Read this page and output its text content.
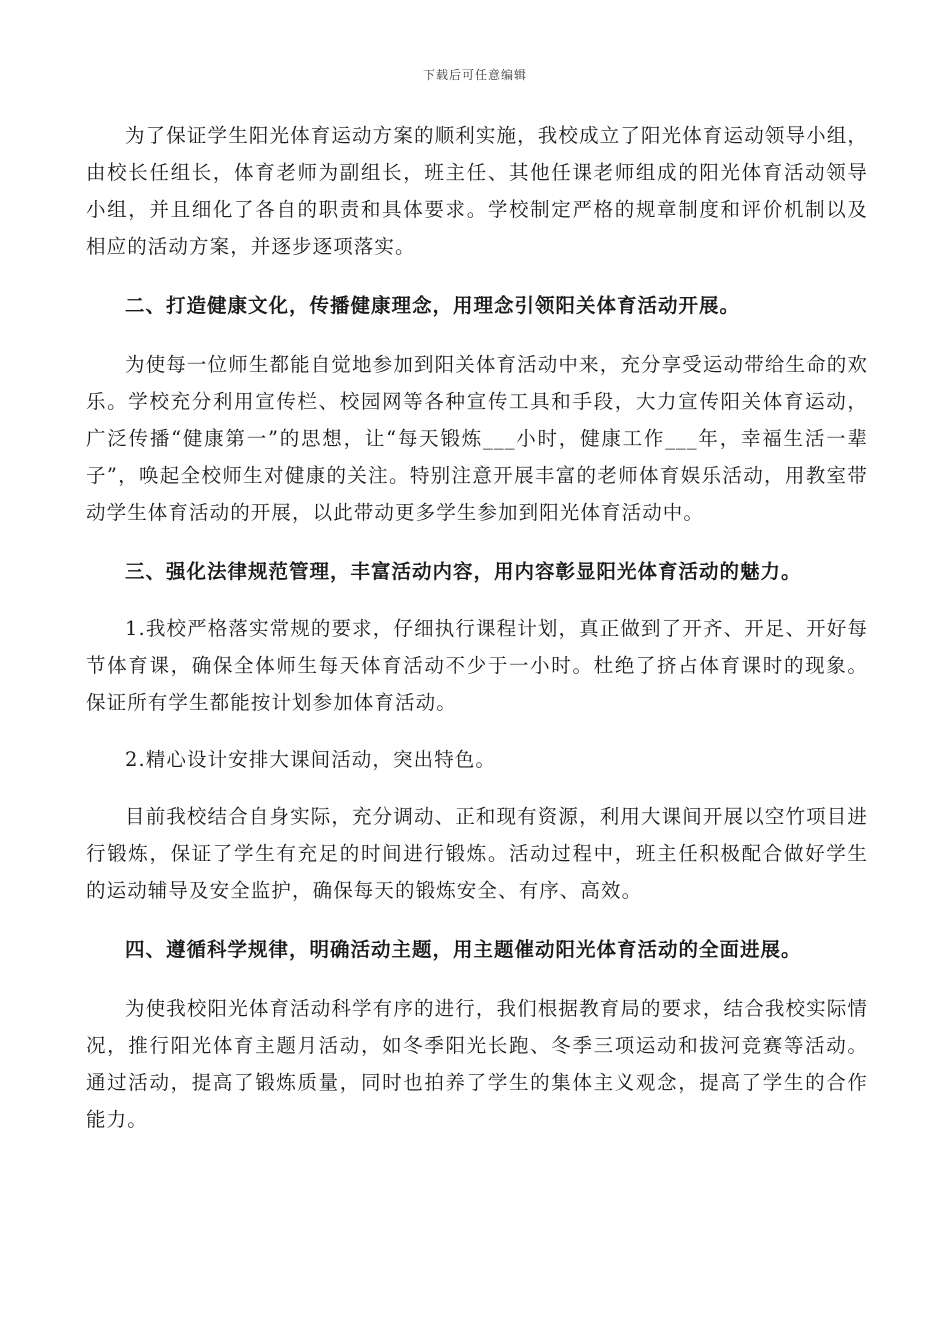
下载后可任意编辑

为了保证学生阳光体育运动方案的顺利实施，我校成立了阳光体育运动领导小组，由校长任组长，体育老师为副组长，班主任、其他任课老师组成的阳光体育活动领导小组，并且细化了各自的职责和具体要求。学校制定严格的规章制度和评价机制以及相应的活动方案，并逐步逐项落实。

二、打造健康文化，传播健康理念，用理念引领阳关体育活动开展。

为使每一位师生都能自觉地参加到阳关体育活动中来，充分享受运动带给生命的欢乐。学校充分利用宣传栏、校园网等各种宣传工具和手段，大力宣传阳关体育运动，广泛传播“健康第一”的思想，让“每天锻炼___小时，健康工作___年，幸福生活一辈子”，唤起全校师生对健康的关注。特别注意开展丰富的老师体育娱乐活动，用教室带动学生体育活动的开展，以此带动更多学生参加到阳光体育活动中。

三、强化法律规范管理，丰富活动内容，用内容彰显阳光体育活动的魅力。

1.我校严格落实常规的要求，仔细执行课程计划，真正做到了开齐、开足、开好每节体育课，确保全体师生每天体育活动不少于一小时。杜绝了挤占体育课时的现象。保证所有学生都能按计划参加体育活动。

2.精心设计安排大课间活动，突出特色。

目前我校结合自身实际，充分调动、正和现有资源，利用大课间开展以空竹项目进行锻炼，保证了学生有充足的时间进行锻炼。活动过程中，班主任积极配合做好学生的运动辅导及安全监护，确保每天的锻炼安全、有序、高效。

四、遵循科学规律，明确活动主题，用主题催动阳光体育活动的全面进展。

为使我校阳光体育活动科学有序的进行，我们根据教育局的要求，结合我校实际情况，推行阳光体育主题月活动，如冬季阳光长跑、冬季三项运动和拔河竞赛等活动。通过活动，提高了锻炼质量，同时也拍养了学生的集体主义观念，提高了学生的合作能力。
